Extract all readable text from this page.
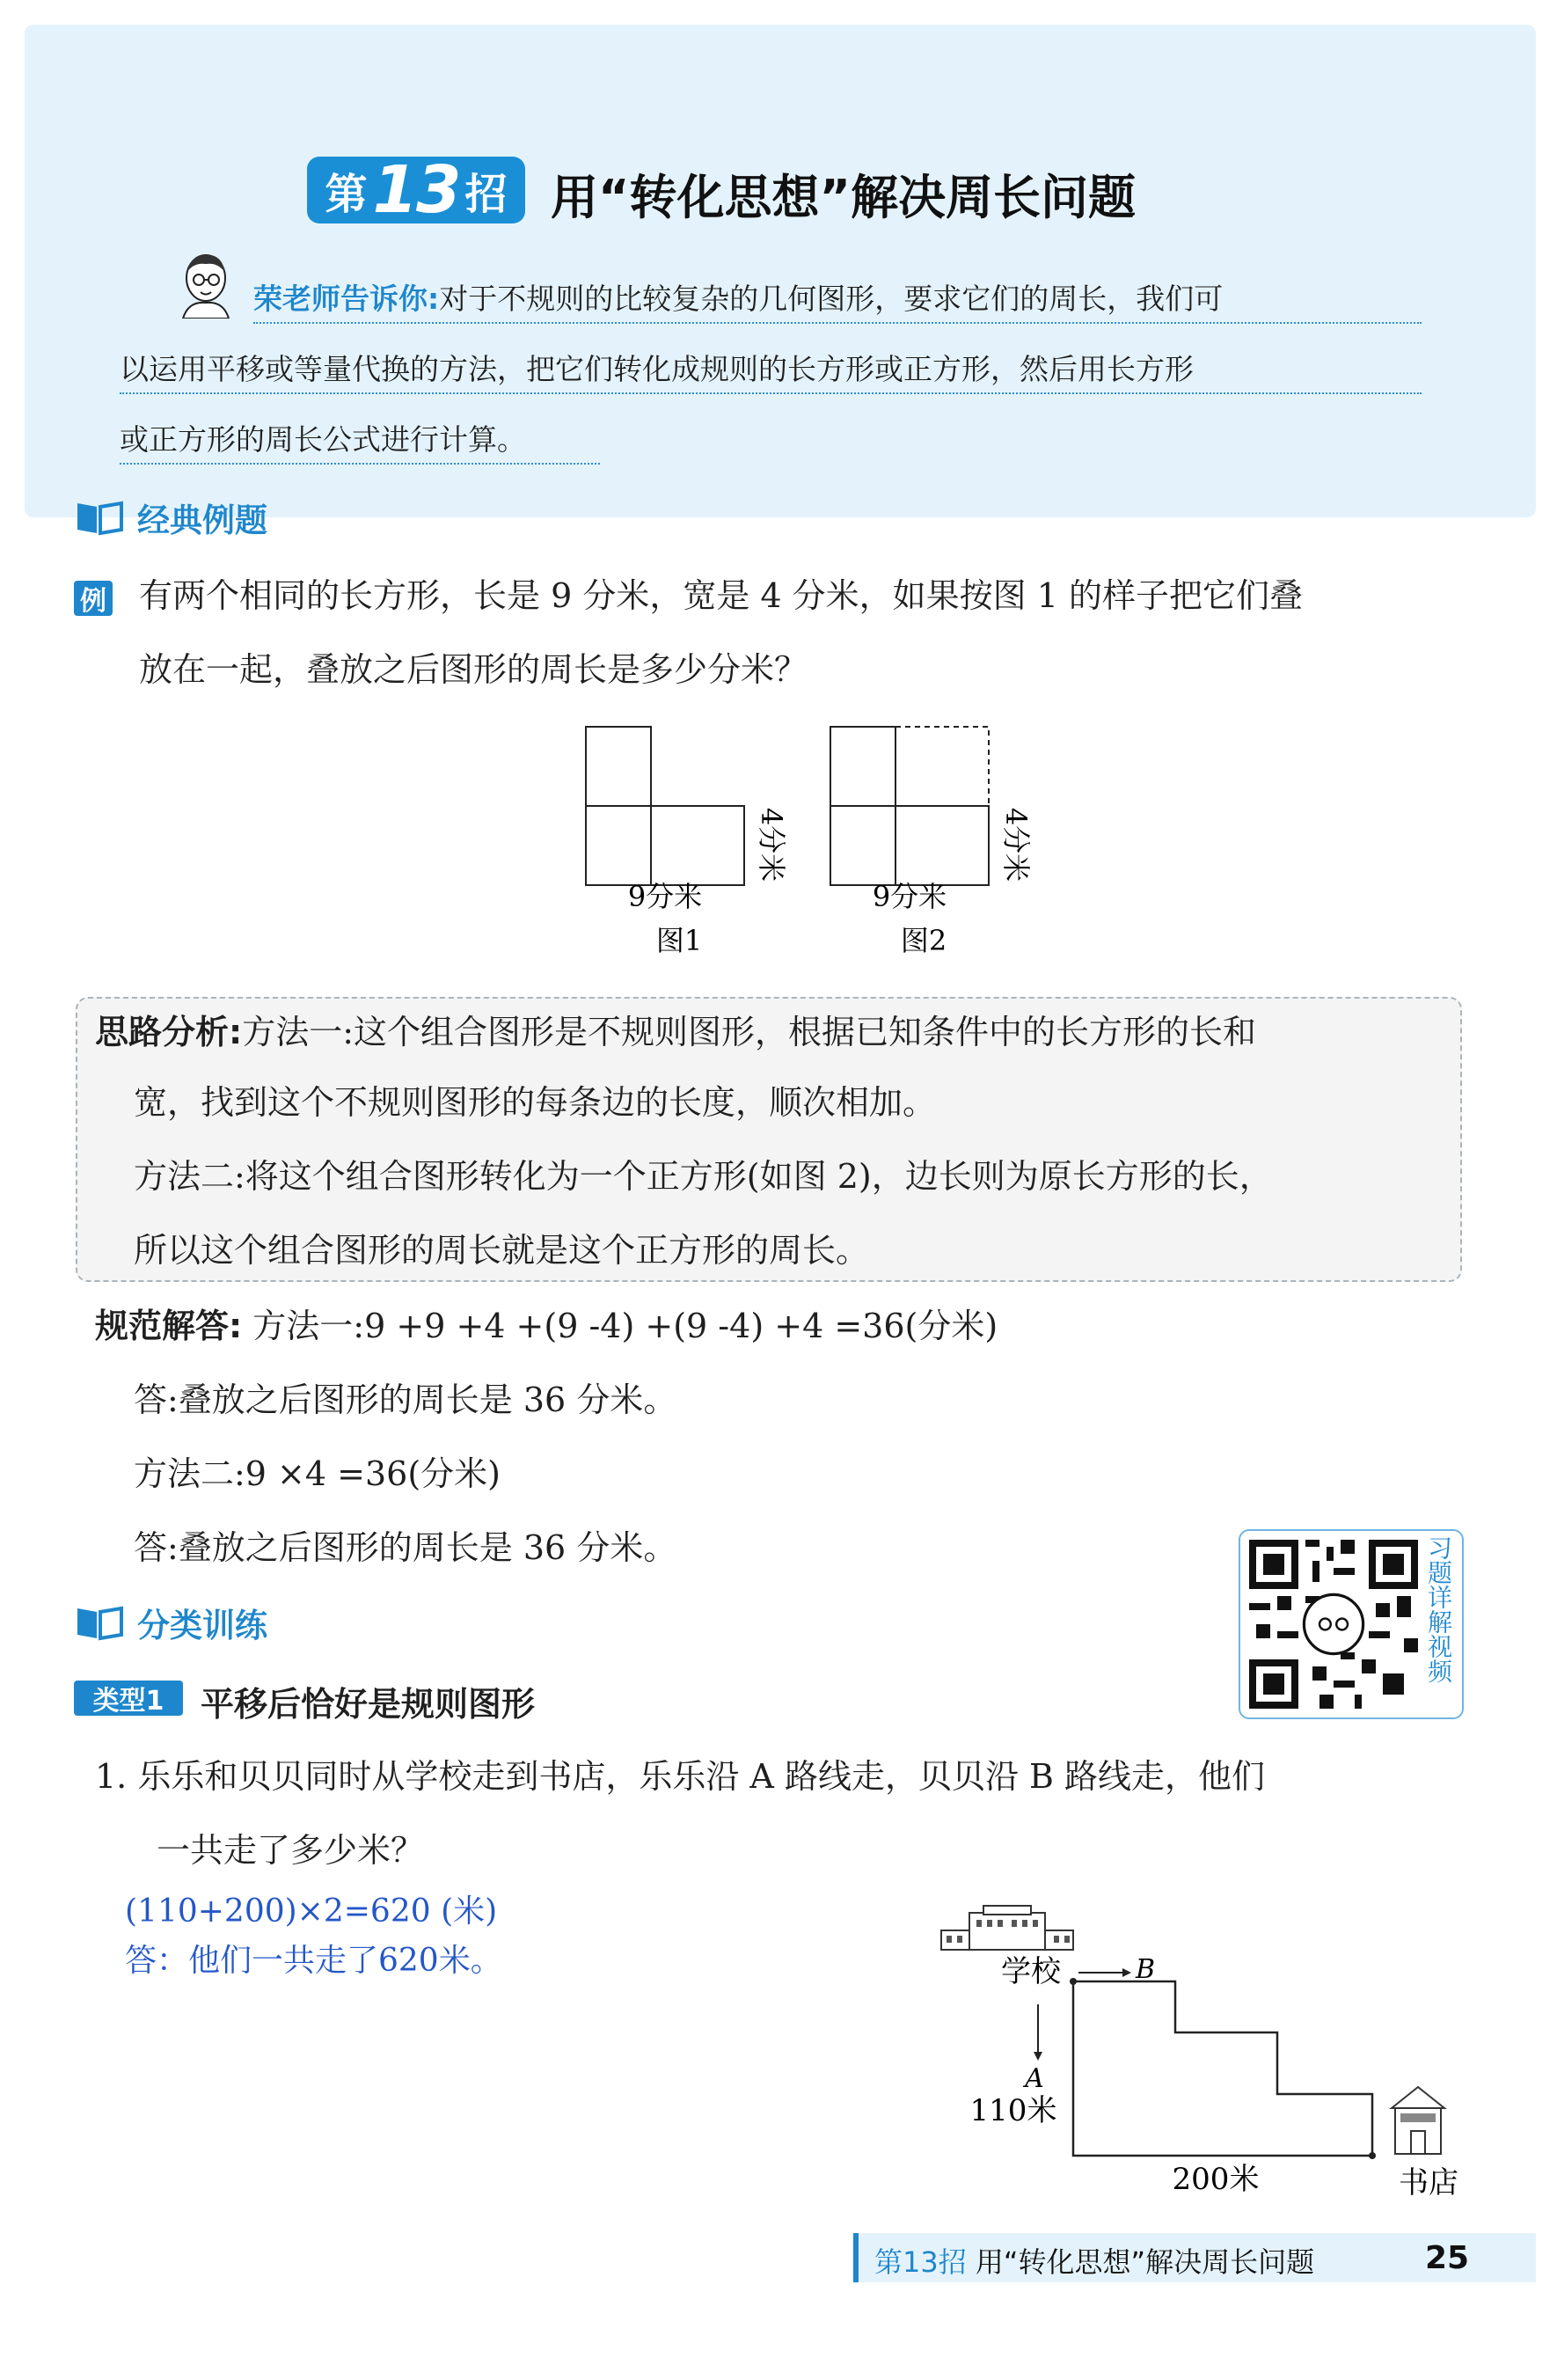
第 13 招 用“转化思想”解决周长问题
荣老师告诉你:对于不规则的比较复杂的几何图形，要求它们的周长，我们可
以运用平移或等量代换的方法，把它们转化成规则的长方形或正方形，然后用长方形
或正方形的周长公式进行计算。
经典例题
例 有两个相同的长方形，长是 9 分米，宽是 4 分米，如果按图 1 的样子把它们叠
放在一起，叠放之后图形的周长是多少分米？
9分米
4分米
图1
9分米
4分米
图2
思路分析:方法一:这个组合图形是不规则图形，根据已知条件中的长方形的长和
宽，找到这个不规则图形的每条边的长度，顺次相加。
方法二:将这个组合图形转化为一个正方形(如图 2)，边长则为原长方形的长，
所以这个组合图形的周长就是这个正方形的周长。
规范解答: 方法一:9 +9 +4 +(9 -4) +(9 -4) +4 =36(分米)
答:叠放之后图形的周长是 36 分米。
方法二:9 ×4 =36(分米)
答:叠放之后图形的周长是 36 分米。	习题详解视频
分类训练
类型1	平移后恰好是规则图形
1. 乐乐和贝贝同时从学校走到书店，乐乐沿 A 路线走，贝贝沿 B 路线走，他们
一共走了多少米？
(110+200)×2=620 (米)
答：他们一共走了620米。	学校	B
A
110米
200米	书店
第13招 用“转化思想”解决周长问题	25
